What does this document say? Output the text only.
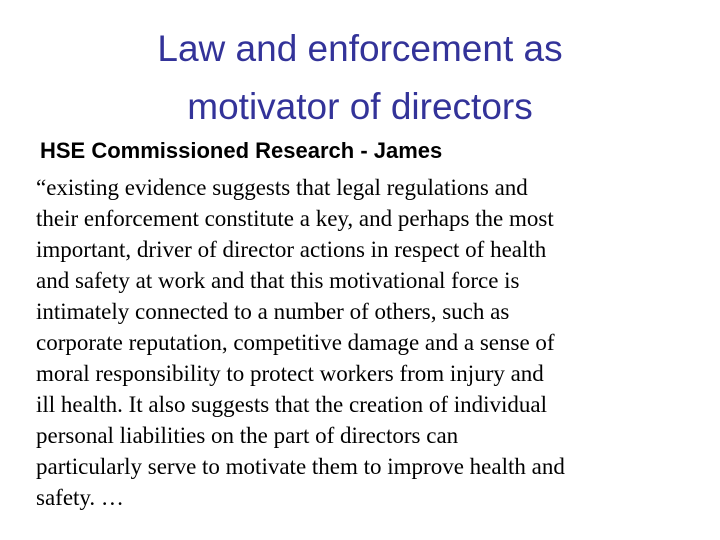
Law and enforcement as
motivator of directors
HSE Commissioned Research - James
“existing evidence suggests that legal regulations and
their enforcement constitute a key, and perhaps the most
important, driver of director actions in respect of health
and safety at work and that this motivational force is
intimately connected to a number of others, such as
corporate reputation, competitive damage and a sense of
moral responsibility to protect workers from injury and
ill health. It also suggests that the creation of individual
personal liabilities on the part of directors can
particularly serve to motivate them to improve health and
safety. …
